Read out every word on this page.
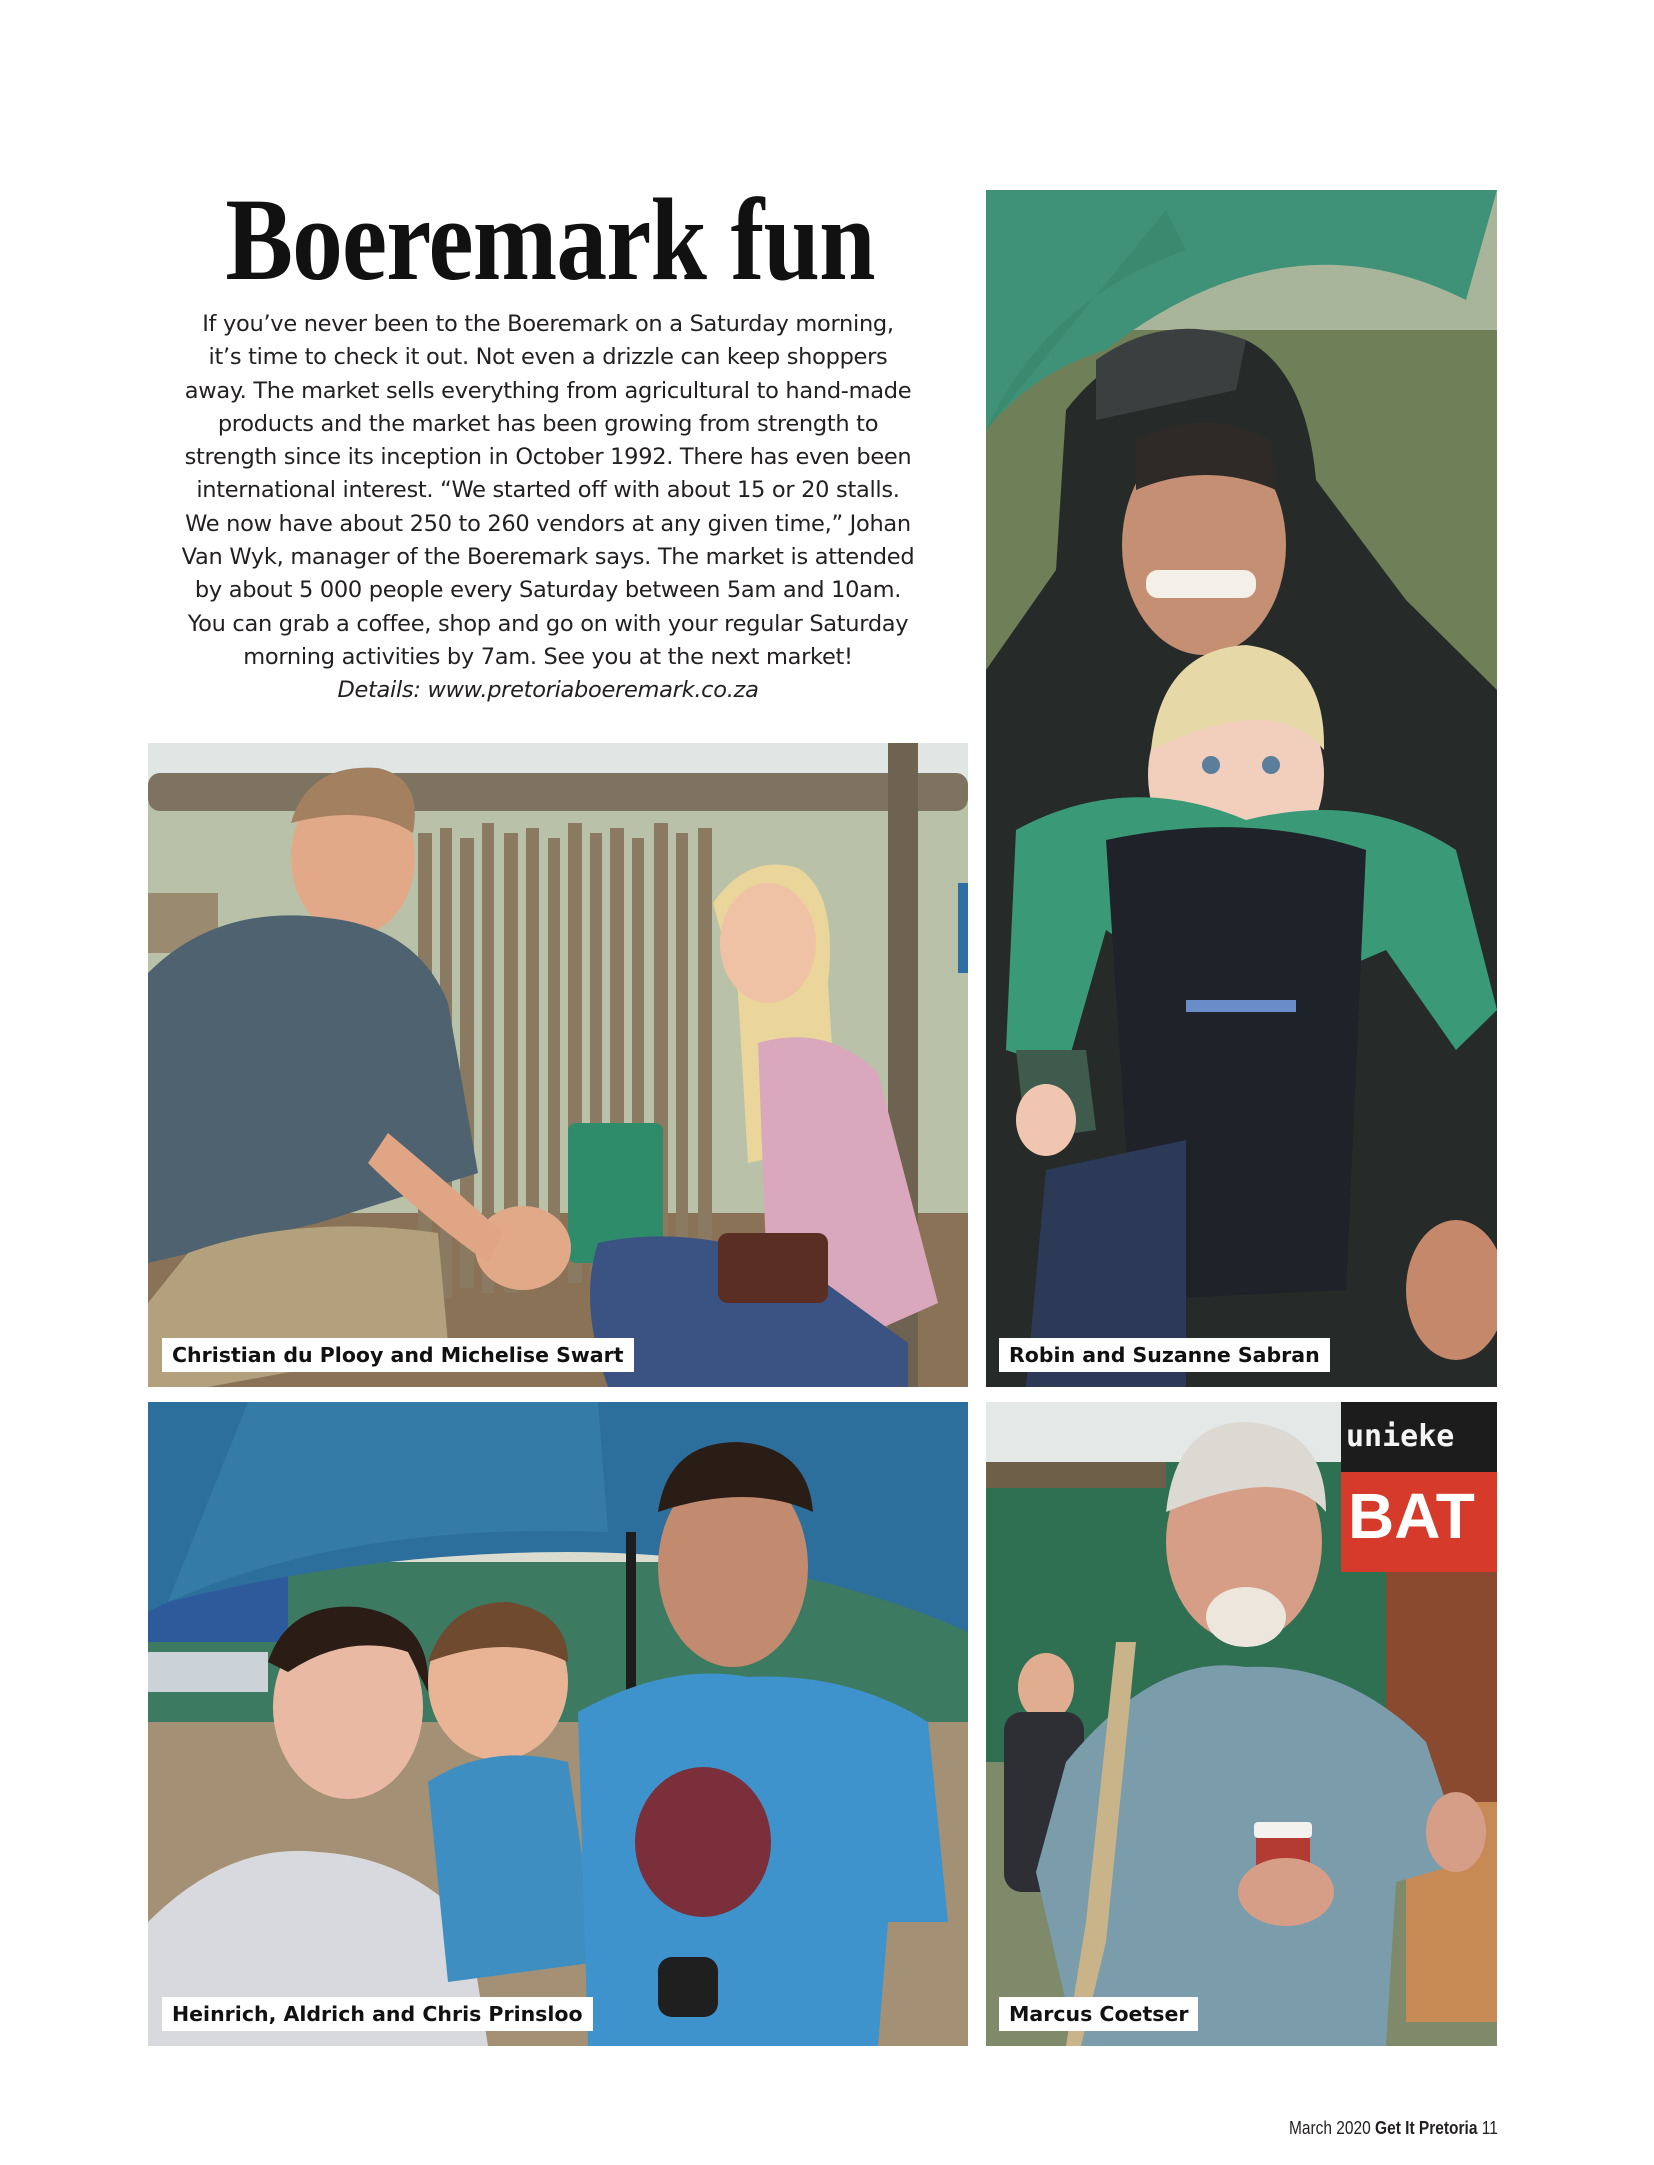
Boeremark fun

If you’ve never been to the Boeremark on a Saturday morning,
it’s time to check it out. Not even a drizzle can keep shoppers
away. The market sells everything from agricultural to hand-made
products and the market has been growing from strength to
strength since its inception in October 1992. There has even been
international interest. “We started off with about 15 or 20 stalls.
We now have about 250 to 260 vendors at any given time,” Johan
Van Wyk, manager of the Boeremark says. The market is attended
by about 5 000 people every Saturday between 5am and 10am.
You can grab a coffee, shop and go on with your regular Saturday
morning activities by 7am. See you at the next market!
Details: www.pretoriaboeremark.co.za

Christian du Plooy and Michelise Swart	Robin and Suzanne Sabran
Heinrich, Aldrich and Chris Prinsloo
unieke
BAT
Marcus Coetser
March 2020 Get It Pretoria 11
